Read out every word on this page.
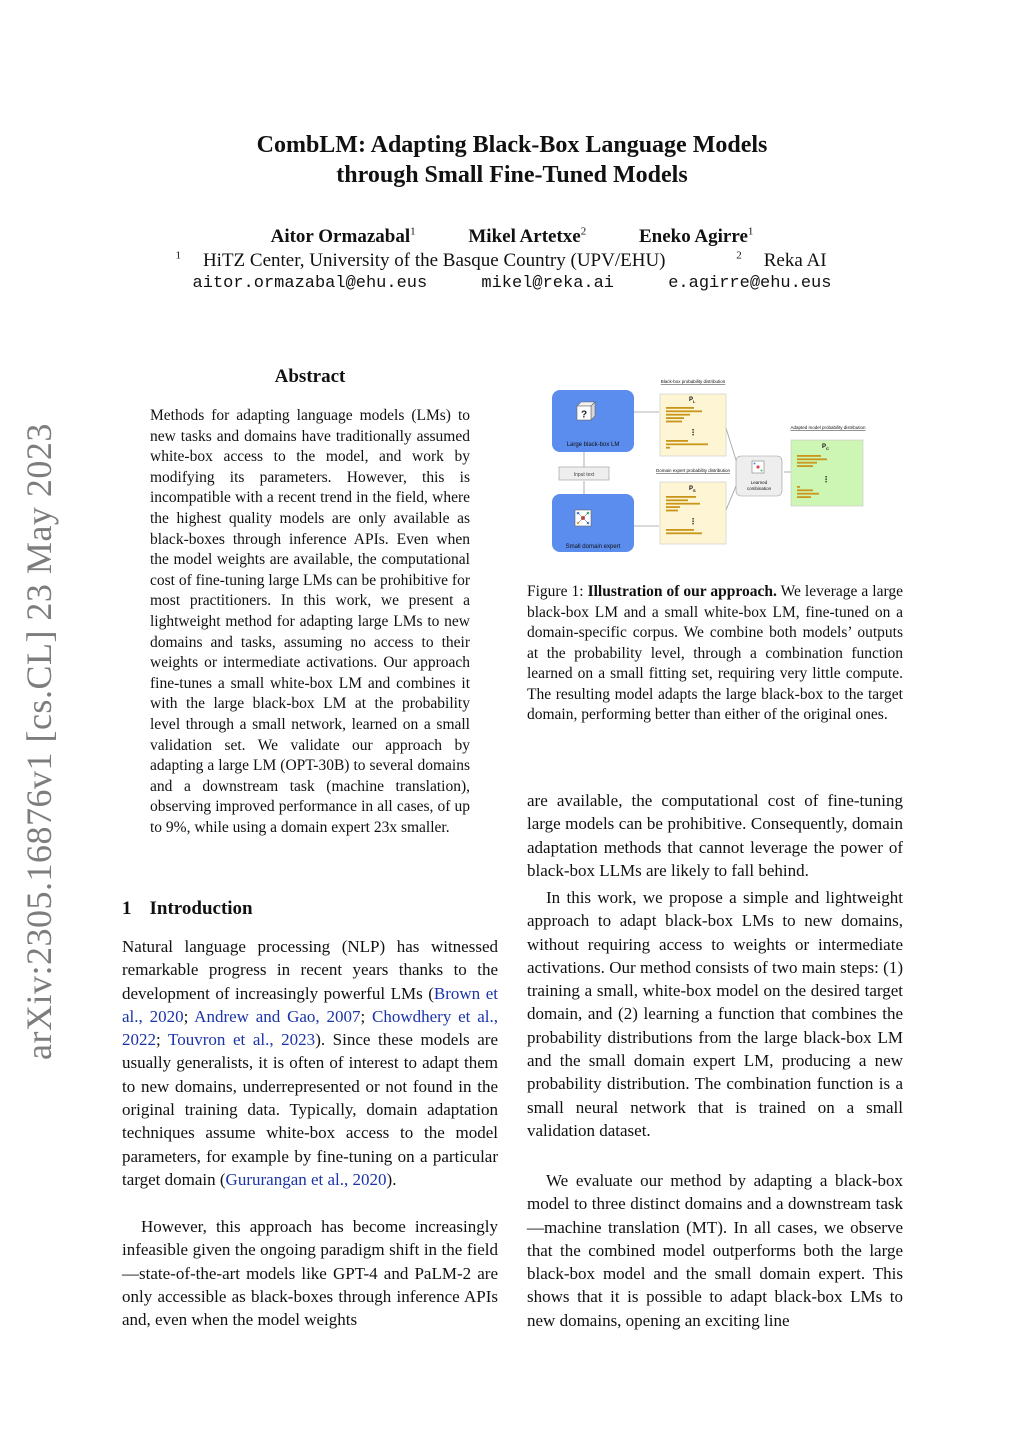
CombLM: Adapting Black-Box Language Models
through Small Fine-Tuned Models
Aitor Ormazabal$^1$	Mikel Artetxe$^2$	Eneko Agirre$^1$
$^1$ HiTZ Center, University of the Basque Country (UPV/EHU)	$^2$ Reka AI
aitor.ormazabal@ehu.eus	mikel@reka.ai	e.agirre@ehu.eus
arXiv:2305.16876v1 [cs.CL] 23 May 2023
Abstract
Methods for adapting language models (LMs) to new tasks and domains have traditionally assumed white-box access to the model, and work by modifying its parameters. However, this is incompatible with a recent trend in the field, where the highest quality models are only available as black-boxes through inference APIs. Even when the model weights are available, the computational cost of fine-tuning large LMs can be prohibitive for most practitioners. In this work, we present a lightweight method for adapting large LMs to new domains and tasks, assuming no access to their weights or intermediate activations. Our approach fine-tunes a small white-box LM and combines it with the large black-box LM at the probability level through a small network, learned on a small validation set. We validate our approach by adapting a large LM (OPT-30B) to several domains and a downstream task (machine translation), observing improved performance in all cases, of up to 9%, while using a domain expert 23x smaller.
1 Introduction
Natural language processing (NLP) has witnessed remarkable progress in recent years thanks to the development of increasingly powerful LMs (Brown et al., 2020; Andrew and Gao, 2007; Chowdhery et al., 2022; Touvron et al., 2023). Since these models are usually generalists, it is often of interest to adapt them to new domains, underrepresented or not found in the original training data. Typically, domain adaptation techniques assume white-box access to the model parameters, for example by fine-tuning on a particular target domain (Gururangan et al., 2020).
However, this approach has become increasingly infeasible given the ongoing paradigm shift in the field—state-of-the-art models like GPT-4 and PaLM-2 are only accessible as black-boxes through inference APIs and, even when the model weights
?
Large black-box LM
Input text
Small domain expert
Black-box probability distribution
$P_L$
⋮
Domain expert probability distribution
$P_S$
⋮
Learned
combination
Adapted model probability distribution
$P_C$
⋮
Figure 1: Illustration of our approach. We leverage a large black-box LM and a small white-box LM, fine-tuned on a domain-specific corpus. We combine both models’ outputs at the probability level, through a combination function learned on a small fitting set, requiring very little compute. The resulting model adapts the large black-box to the target domain, performing better than either of the original ones.
are available, the computational cost of fine-tuning large models can be prohibitive. Consequently, domain adaptation methods that cannot leverage the power of black-box LLMs are likely to fall behind.
In this work, we propose a simple and lightweight approach to adapt black-box LMs to new domains, without requiring access to weights or intermediate activations. Our method consists of two main steps: (1) training a small, white-box model on the desired target domain, and (2) learning a function that combines the probability distributions from the large black-box LM and the small domain expert LM, producing a new probability distribution. The combination function is a small neural network that is trained on a small validation dataset.
We evaluate our method by adapting a black-box model to three distinct domains and a downstream task—machine translation (MT). In all cases, we observe that the combined model outperforms both the large black-box model and the small domain expert. This shows that it is possible to adapt black-box LMs to new domains, opening an exciting line
